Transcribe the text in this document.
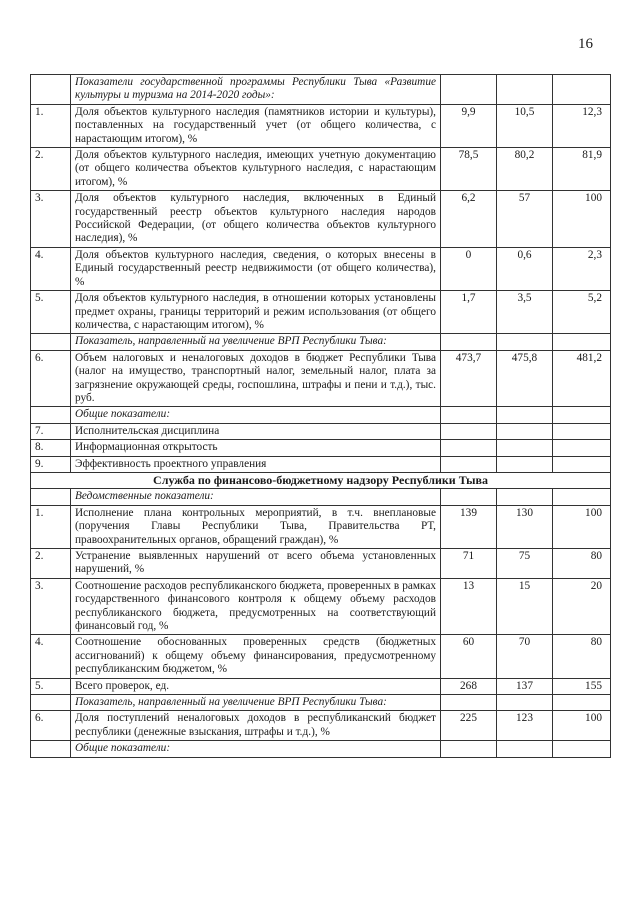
16
	Показатели государственной программы Республики Тыва «Развитие культуры и туризма на 2014-2020 годы»:			
1.	Доля объектов культурного наследия (памятников истории и культуры), поставленных на государственный учет (от общего количества, с нарастающим итогом), %	9,9	10,5	12,3
2.	Доля объектов культурного наследия, имеющих учетную документацию (от общего количества объектов культурного наследия, с нарастающим итогом), %	78,5	80,2	81,9
3.	Доля объектов культурного наследия, включенных в Единый государственный реестр объектов культурного наследия народов Российской Федерации, (от общего количества объектов культурного наследия), %	6,2	57	100
4.	Доля объектов культурного наследия, сведения, о которых внесены в Единый государственный реестр недвижимости (от общего количества), %	0	0,6	2,3
5.	Доля объектов культурного наследия, в отношении которых установлены предмет охраны, границы территорий и режим использования (от общего количества, с нарастающим итогом), %	1,7	3,5	5,2
	Показатель, направленный на увеличение ВРП Республики Тыва:			
6.	Объем налоговых и неналоговых доходов в бюджет Республики Тыва (налог на имущество, транспортный налог, земельный налог, плата за загрязнение окружающей среды, госпошлина, штрафы и пени и т.д.), тыс. руб.	473,7	475,8	481,2
	Общие показатели:			
7.	Исполнительская дисциплина			
8.	Информационная открытость			
9.	Эффективность проектного управления			
Служба по финансово-бюджетному надзору Республики Тыва				
	Ведомственные показатели:			
1.	Исполнение плана контрольных мероприятий, в т.ч. внеплановые (поручения Главы Республики Тыва, Правительства РТ, правоохранительных органов, обращений граждан), %	139	130	100
2.	Устранение выявленных нарушений от всего объема установленных нарушений, %	71	75	80
3.	Соотношение расходов республиканского бюджета, проверенных в рамках государственного финансового контроля к общему объему расходов республиканского бюджета, предусмотренных на соответствующий финансовый год, %	13	15	20
4.	Соотношение обоснованных проверенных средств (бюджетных ассигнований) к общему объему финансирования, предусмотренному республиканским бюджетом, %	60	70	80
5.	Всего проверок, ед.	268	137	155
	Показатель, направленный на увеличение ВРП Республики Тыва:			
6.	Доля поступлений неналоговых доходов в республиканский бюджет республики (денежные взыскания, штрафы и т.д.), %	225	123	100
	Общие показатели:			
